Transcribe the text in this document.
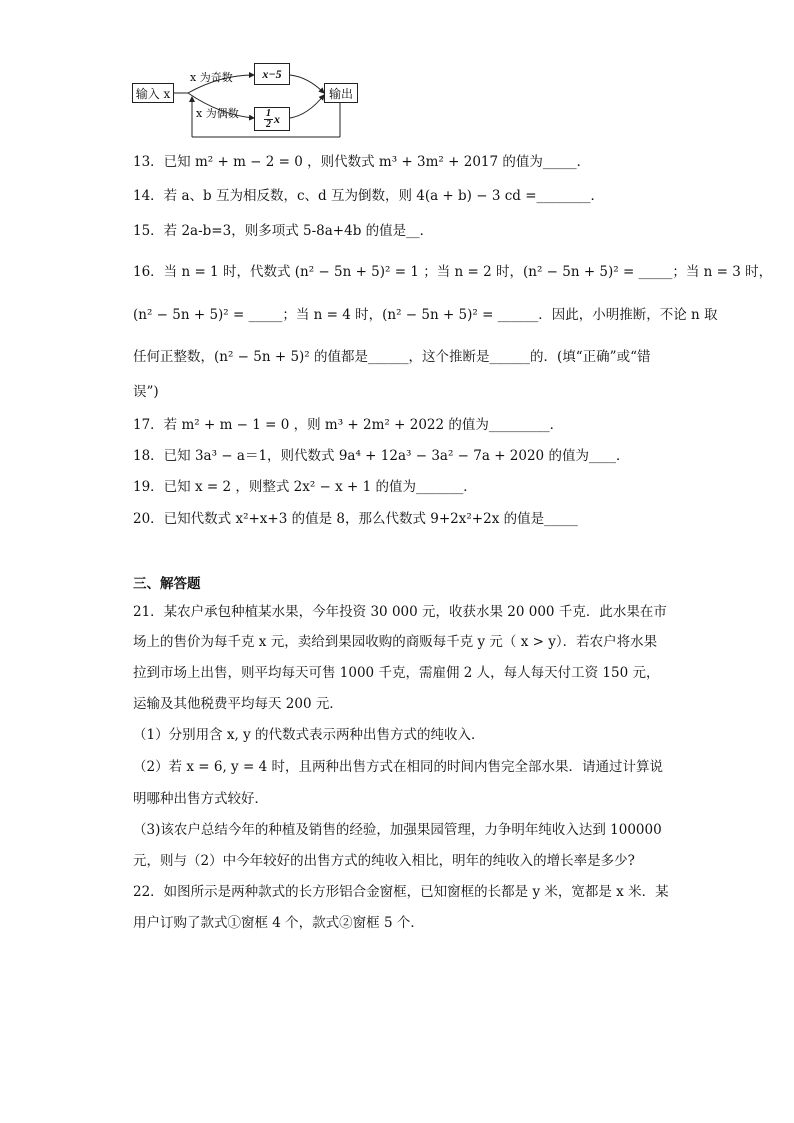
输入 x
x 为奇数
x 为偶数
x−5
$\frac{1}{2}$ x
输出
13．已知 m² + m − 2 = 0 ，则代数式 m³ + 3m² + 2017 的值为_____．
14．若 a、b 互为相反数，c、d 互为倒数，则 4(a + b) − 3 cd =________．
15．若 2a-b=3，则多项式 5-8a+4b 的值是__．
16．当 n = 1 时，代数式 (n² − 5n + 5)² = 1 ；当 n = 2 时，(n² − 5n + 5)² = _____；当 n = 3 时，
(n² − 5n + 5)² = _____；当 n = 4 时，(n² − 5n + 5)² = ______．因此，小明推断，不论 n 取
任何正整数，(n² − 5n + 5)² 的值都是______，这个推断是______的．(填“正确”或“错
误”)
17．若 m² + m − 1 = 0 ，则 m³ + 2m² + 2022 的值为_________．
18．已知 3a³ − a＝1，则代数式 9a⁴ + 12a³ − 3a² − 7a + 2020 的值为____．
19．已知 x = 2 ，则整式 2x² − x + 1 的值为_______．
20．已知代数式 x²+x+3 的值是 8，那么代数式 9+2x²+2x 的值是_____
三、解答题
21．某农户承包种植某水果，今年投资 30 000 元，收获水果 20 000 千克．此水果在市
场上的售价为每千克 x 元，卖给到果园收购的商贩每千克 y 元（ x > y）．若农户将水果
拉到市场上出售，则平均每天可售 1000 千克，需雇佣 2 人，每人每天付工资 150 元，
运输及其他税费平均每天 200 元．
（1）分别用含 x, y 的代数式表示两种出售方式的纯收入．
（2）若 x = 6, y = 4 时，且两种出售方式在相同的时间内售完全部水果．请通过计算说
明哪种出售方式较好．
（3)该农户总结今年的种植及销售的经验，加强果园管理，力争明年纯收入达到 100000
元，则与（2）中今年较好的出售方式的纯收入相比，明年的纯收入的增长率是多少?
22．如图所示是两种款式的长方形铝合金窗框，已知窗框的长都是 y 米，宽都是 x 米．某
用户订购了款式①窗框 4 个，款式②窗框 5 个．
